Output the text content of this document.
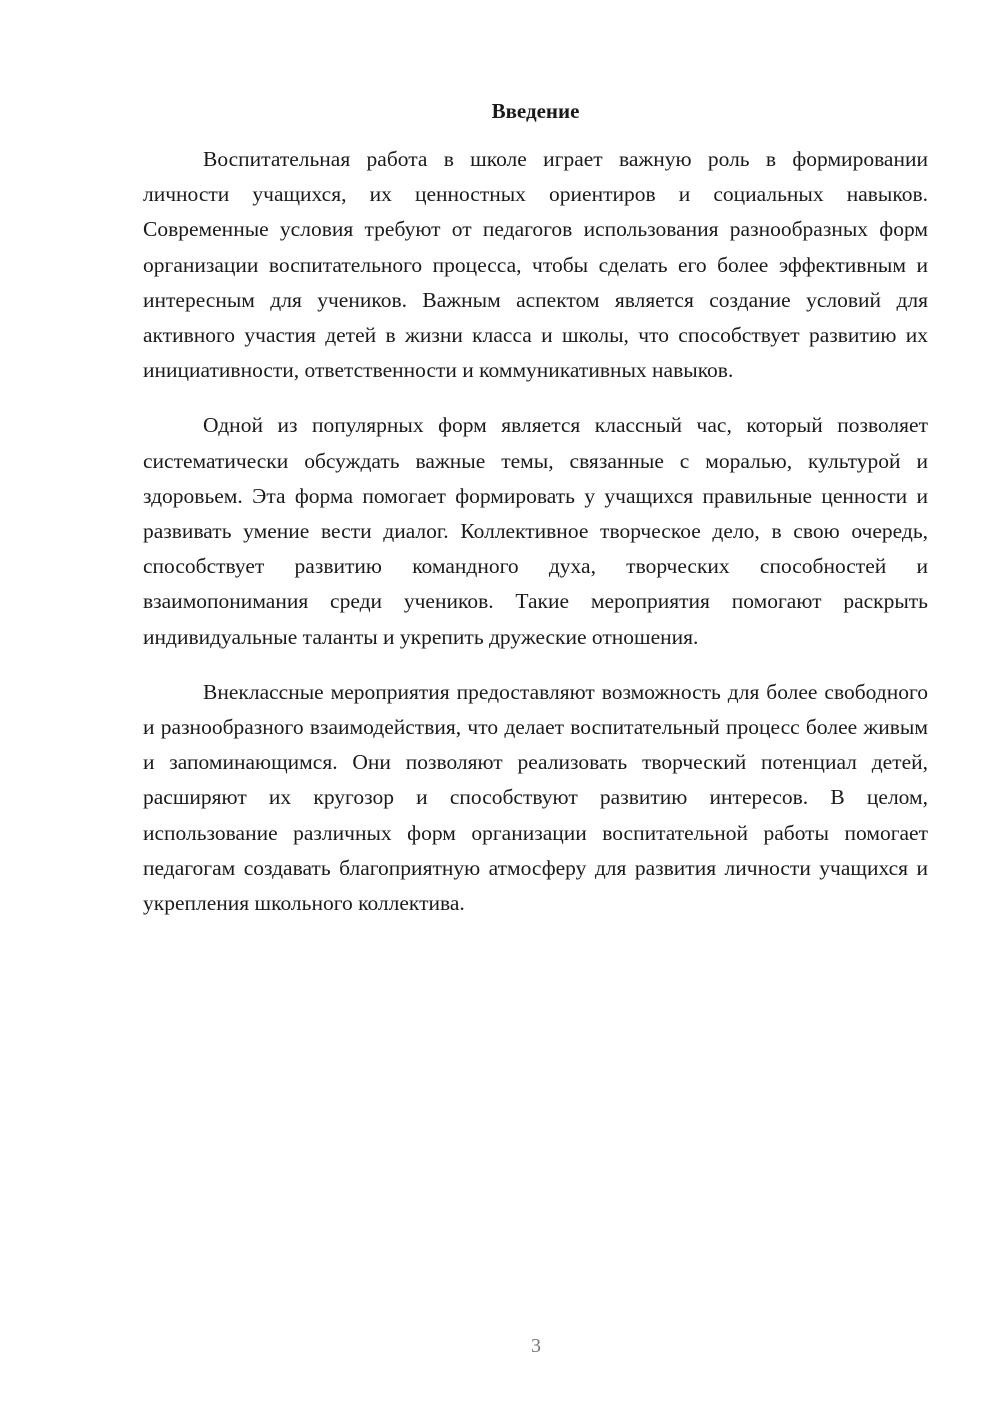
Введение

Воспитательная работа в школе играет важную роль в формировании личности учащихся, их ценностных ориентиров и социальных навыков. Современные условия требуют от педагогов использования разнообразных форм организации воспитательного процесса, чтобы сделать его более эффективным и интересным для учеников. Важным аспектом является создание условий для активного участия детей в жизни класса и школы, что способствует развитию их инициативности, ответственности и коммуникативных навыков.

Одной из популярных форм является классный час, который позволяет систематически обсуждать важные темы, связанные с моралью, культурой и здоровьем. Эта форма помогает формировать у учащихся правильные ценности и развивать умение вести диалог. Коллективное творческое дело, в свою очередь, способствует развитию командного духа, творческих способностей и взаимопонимания среди учеников. Такие мероприятия помогают раскрыть индивидуальные таланты и укрепить дружеские отношения.

Внеклассные мероприятия предоставляют возможность для более свободного и разнообразного взаимодействия, что делает воспитательный процесс более живым и запоминающимся. Они позволяют реализовать творческий потенциал детей, расширяют их кругозор и способствуют развитию интересов. В целом, использование различных форм организации воспитательной работы помогает педагогам создавать благоприятную атмосферу для развития личности учащихся и укрепления школьного коллектива.

3
